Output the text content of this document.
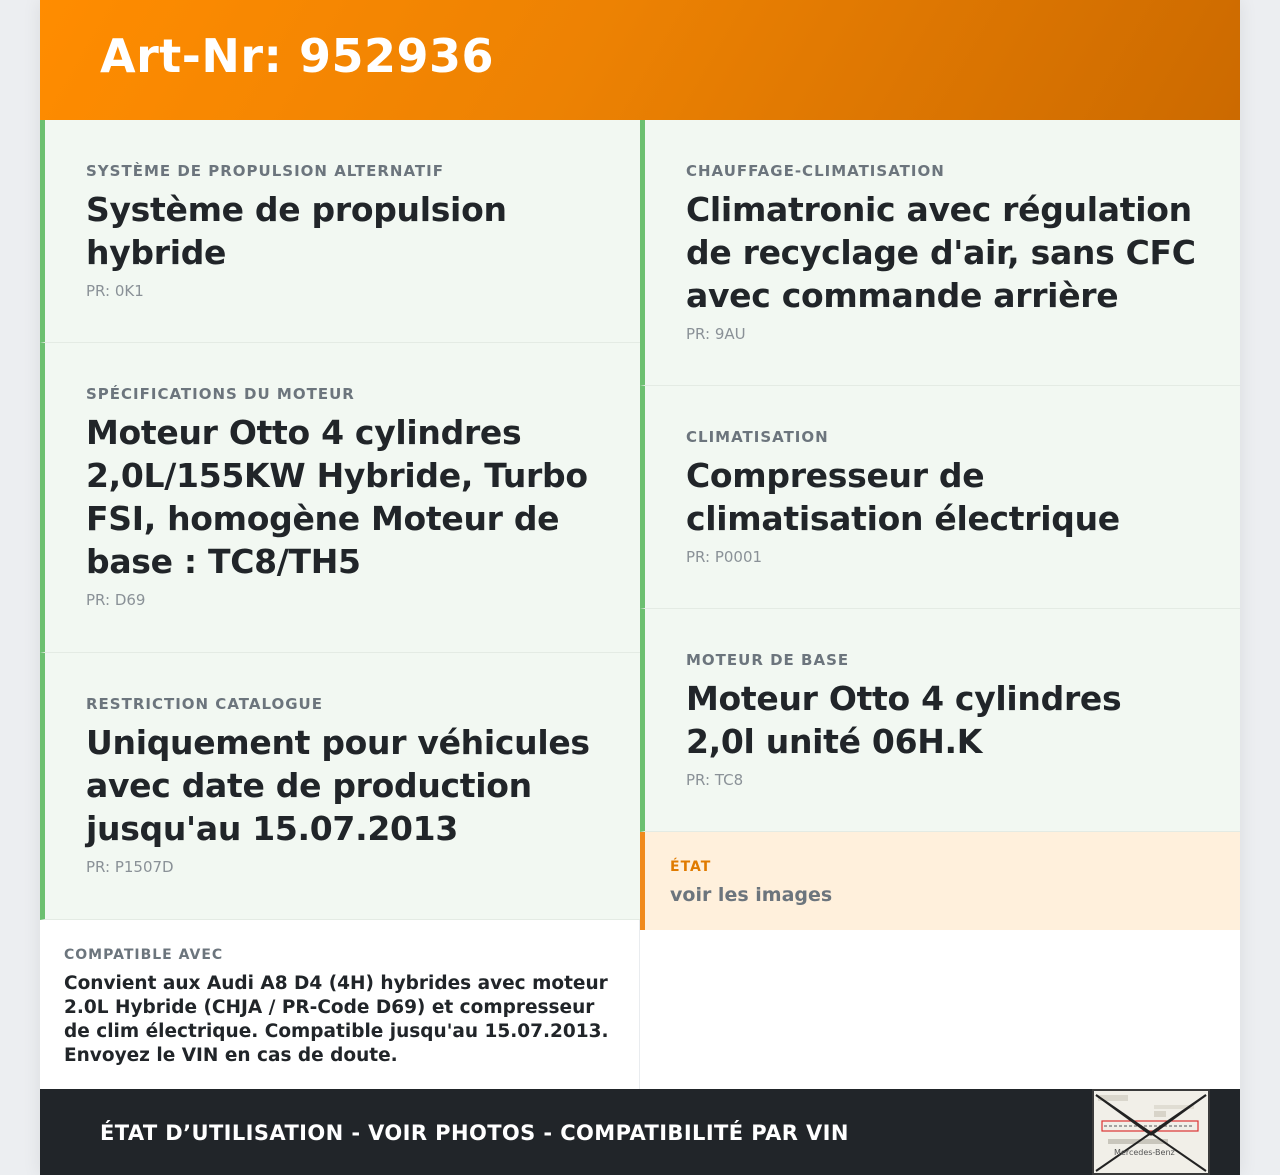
Art-Nr: 952936
SYSTÈME DE PROPULSION ALTERNATIF
Système de propulsion hybride
PR: 0K1
SPÉCIFICATIONS DU MOTEUR
Moteur Otto 4 cylindres 2,0L/155KW Hybride, Turbo FSI, homogène Moteur de base : TC8/TH5
PR: D69
RESTRICTION CATALOGUE
Uniquement pour véhicules avec date de production jusqu'au 15.07.2013
PR: P1507D
COMPATIBLE AVEC
Convient aux Audi A8 D4 (4H) hybrides avec moteur 2.0L Hybride (CHJA / PR-Code D69) et compresseur de clim électrique. Compatible jusqu'au 15.07.2013. Envoyez le VIN en cas de doute.
CHAUFFAGE-CLIMATISATION
Climatronic avec régulation de recyclage d'air, sans CFC avec commande arrière
PR: 9AU
CLIMATISATION
Compresseur de climatisation électrique
PR: P0001
MOTEUR DE BASE
Moteur Otto 4 cylindres 2,0l unité 06H.K
PR: TC8
ÉTAT
voir les images
ÉTAT D’UTILISATION - VOIR PHOTOS - COMPATIBILITÉ PAR VIN
Mercedes-Benz
